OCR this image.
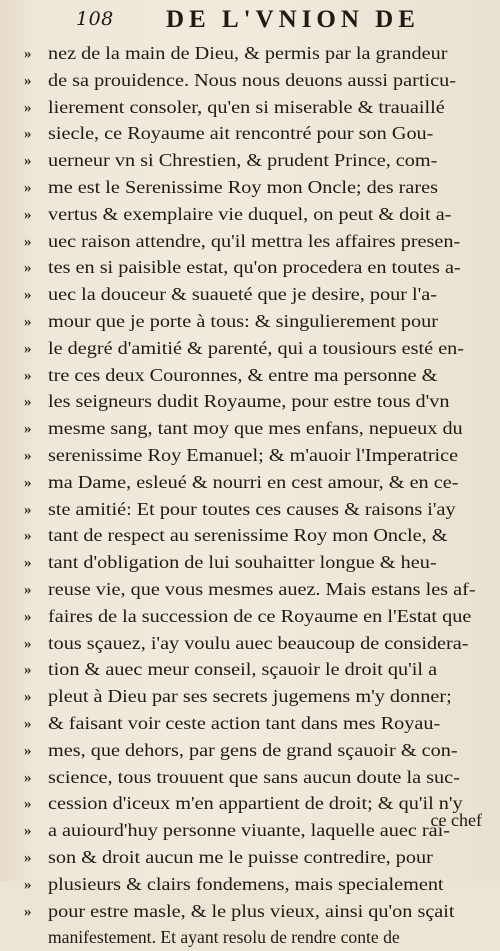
108 DE L'VNION DE
» nez de la main de Dieu, & permis par la grandeur
» de sa prouidence. Nous nous deuons aussi particu-
» lierement consoler, qu'en si miserable & trauaillé
» siecle, ce Royaume ait rencontré pour son Gou-
» uerneur vn si Chrestien, & prudent Prince, com-
» me est le Serenissime Roy mon Oncle; des rares
» vertus & exemplaire vie duquel, on peut & doit a-
» uec raison attendre, qu'il mettra les affaires presen-
» tes en si paisible estat, qu'on procedera en toutes a-
» uec la douceur & suaueté que je desire, pour l'a-
» mour que je porte à tous: & singulierement pour
» le degré d'amitié & parenté, qui a tousiours esté en-
» tre ces deux Couronnes, & entre ma personne &
» les seigneurs dudit Royaume, pour estre tous d'vn
» mesme sang, tant moy que mes enfans, nepueux du
» serenissime Roy Emanuel; & m'auoir l'Imperatrice
» ma Dame, esleué & nourri en cest amour, & en ce-
» ste amitié: Et pour toutes ces causes & raisons i'ay
» tant de respect au serenissime Roy mon Oncle, &
» tant d'obligation de lui souhaitter longue & heu-
» reuse vie, que vous mesmes auez. Mais estans les af-
» faires de la succession de ce Royaume en l'Estat que
» tous sçauez, i'ay voulu auec beaucoup de considera-
» tion & auec meur conseil, sçauoir le droit qu'il a
» pleut à Dieu par ses secrets jugemens m'y donner;
» & faisant voir ceste action tant dans mes Royau-
» mes, que dehors, par gens de grand sçauoir & con-
» science, tous trouuent que sans aucun doute la suc-
» cession d'iceux m'en appartient de droit; & qu'il n'y
» a auiourd'huy personne viuante, laquelle auec rai-
» son & droit aucun me le puisse contredire, pour
» plusieurs & clairs fondemens, mais specialement
» pour estre masle, & le plus vieux, ainsi qu'on sçait
manifestement. Et ayant resolu de rendre conte de
ce chef
